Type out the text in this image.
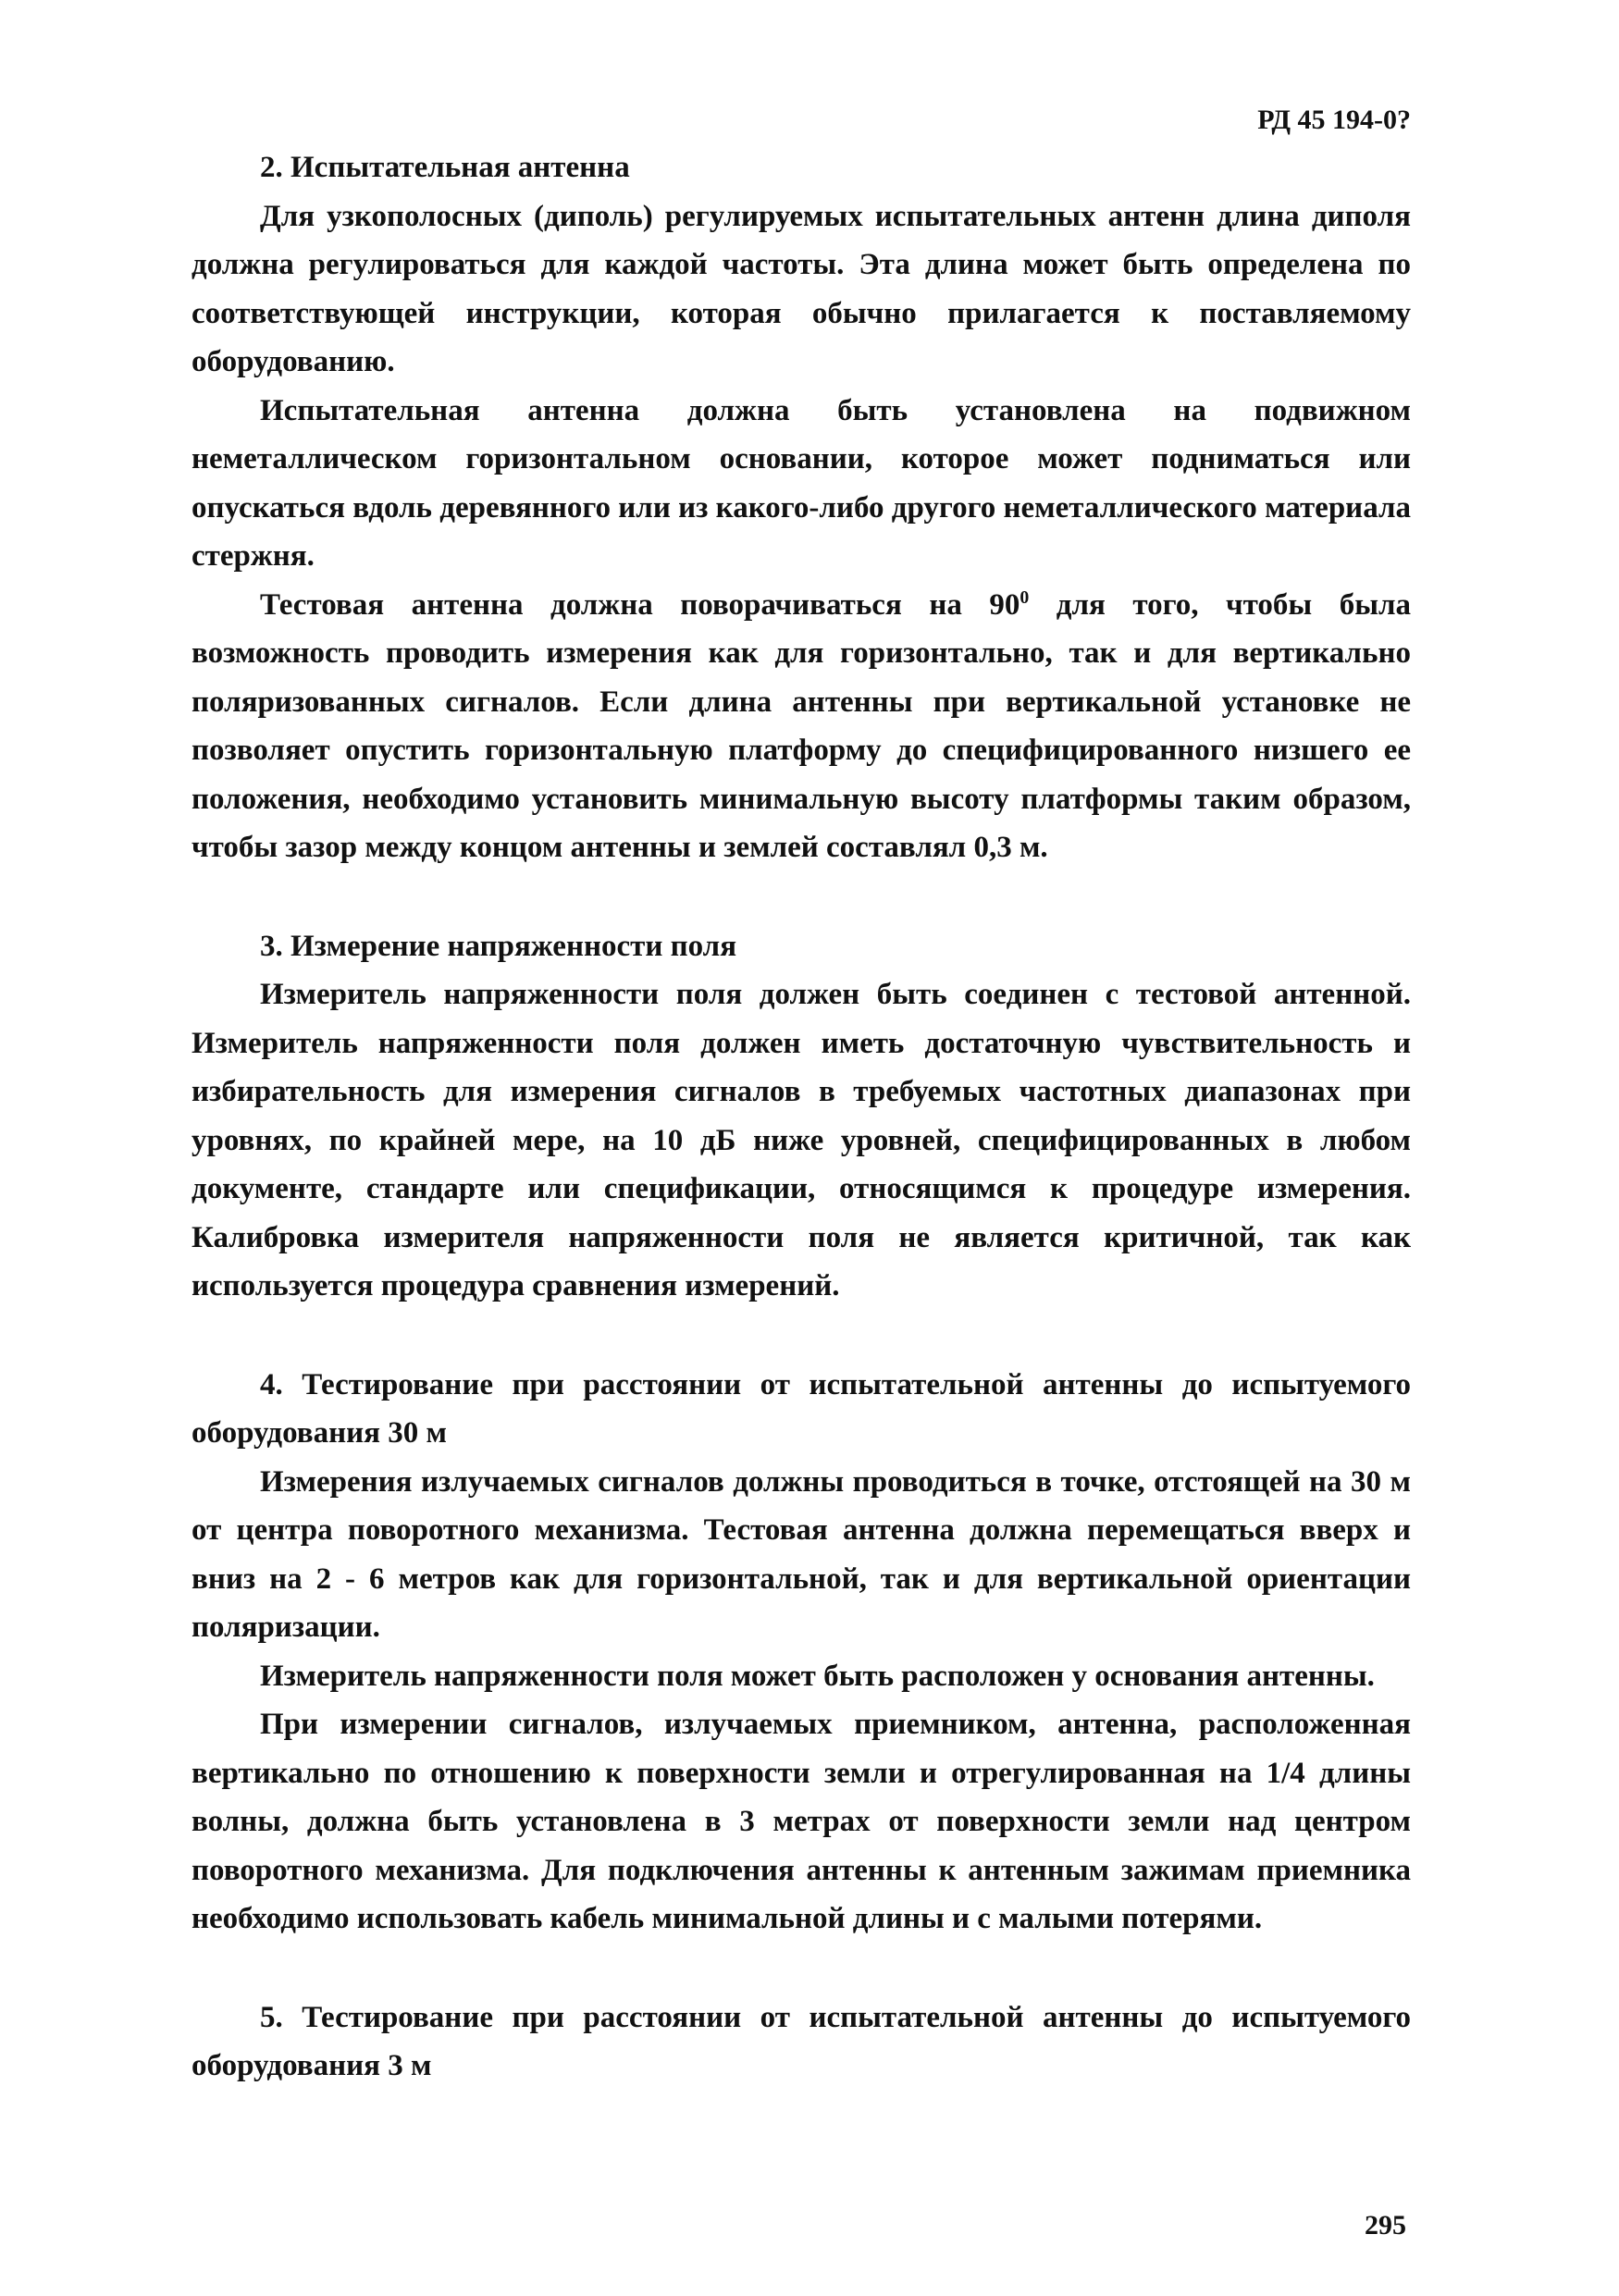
РД 45 194-0?

2. Испытательная антенна

Для узкополосных (диполь) регулируемых испытательных антенн длина диполя должна регулироваться для каждой частоты. Эта длина может быть определена по соответствующей инструкции, которая обычно прилагается к поставляемому оборудованию.

Испытательная антенна должна быть установлена на подвижном неметаллическом горизонтальном основании, которое может подниматься или опускаться вдоль деревянного или из какого-либо другого неметаллического материала стержня.

Тестовая антенна должна поворачиваться на $90^0$ для того, чтобы была возможность проводить измерения как для горизонтально, так и для вертикально поляризованных сигналов. Если длина антенны при вертикальной установке не позволяет опустить горизонтальную платформу до специфицированного низшего ее положения, необходимо установить минимальную высоту платформы таким образом, чтобы зазор между концом антенны и землей составлял 0,3 м.

3. Измерение напряженности поля

Измеритель напряженности поля должен быть соединен с тестовой антенной. Измеритель напряженности поля должен иметь достаточную чувствительность и избирательность для измерения сигналов в требуемых частотных диапазонах при уровнях, по крайней мере, на 10 дБ ниже уровней, специфицированных в любом документе, стандарте или спецификации, относящимся к процедуре измерения. Калибровка измерителя напряженности поля не является критичной, так как используется процедура сравнения измерений.

4. Тестирование при расстоянии от испытательной антенны до испытуемого оборудования 30 м

Измерения излучаемых сигналов должны проводиться в точке, отстоящей на 30 м от центра поворотного механизма. Тестовая антенна должна перемещаться вверх и вниз на 2 - 6 метров как для горизонтальной, так и для вертикальной ориентации поляризации.

Измеритель напряженности поля может быть расположен у основания антенны.

При измерении сигналов, излучаемых приемником, антенна, расположенная вертикально по отношению к поверхности земли и отрегулированная на 1/4 длины волны, должна быть установлена в 3 метрах от поверхности земли над центром поворотного механизма. Для подключения антенны к антенным зажимам приемника необходимо использовать кабель минимальной длины и с малыми потерями.

5. Тестирование при расстоянии от испытательной антенны до испытуемого оборудования 3 м

295
